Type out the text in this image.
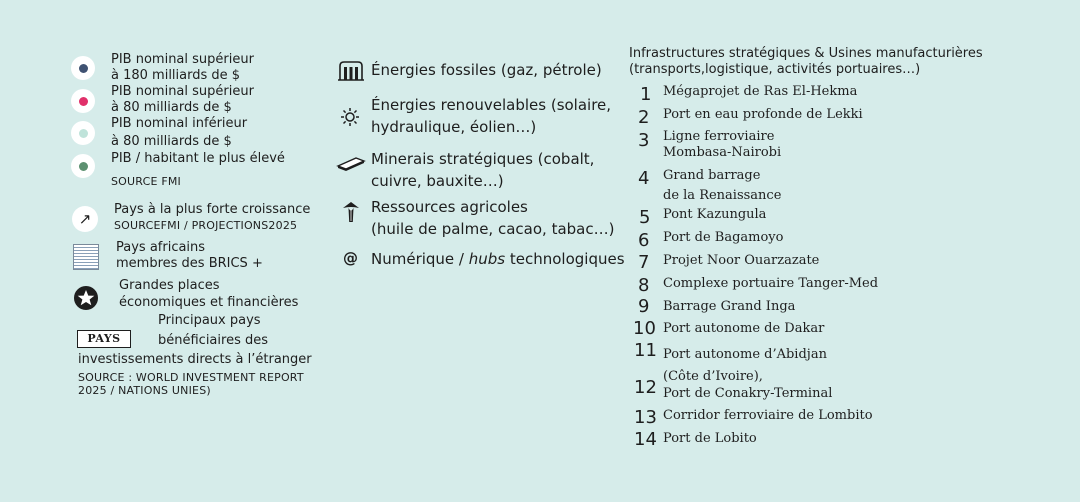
PIB nominal supérieur
à 180 milliards de $
PIB nominal supérieur
à 80 milliards de $
PIB nominal inférieur
à 80 milliards de $
PIB / habitant le plus élevé
SOURCE FMI
↗
Pays à la plus forte croissance
SOURCEFMI / PROJECTIONS2025
Pays africains
membres des BRICS +
Grandes places
économiques et financières
PAYS
Principaux pays
bénéficiaires des
investissements directs à l’étranger
SOURCE : WORLD INVESTMENT REPORT
2025 / NATIONS UNIES)
Énergies fossiles (gaz, pétrole)
Énergies renouvelables (solaire,
hydraulique, éolien…)
Minerais stratégiques (cobalt,
cuivre, bauxite…)
Ressources agricoles
(huile de palme, cacao, tabac…)
@ Numérique / hubs technologiques
Infrastructures stratégiques & Usines manufacturières
(transports,logistique, activités portuaires…)
1 Mégaprojet de Ras El-Hekma
2	Port en eau profonde de Lekki
3	Ligne ferroviaire
Mombasa-Nairobi
4	Grand barrage
de la Renaissance
5 Pont Kazungula
6	Port de Bagamoyo
7	Projet Noor Ouarzazate
8	Complexe portuaire Tanger-Med
9	Barrage Grand Inga
10 Port autonome de Dakar
11 Port autonome d’Abidjan
(Côte d’Ivoire),
12 Port de Conakry-Terminal
13 Corridor ferroviaire de Lombito
14 Port de Lobito
